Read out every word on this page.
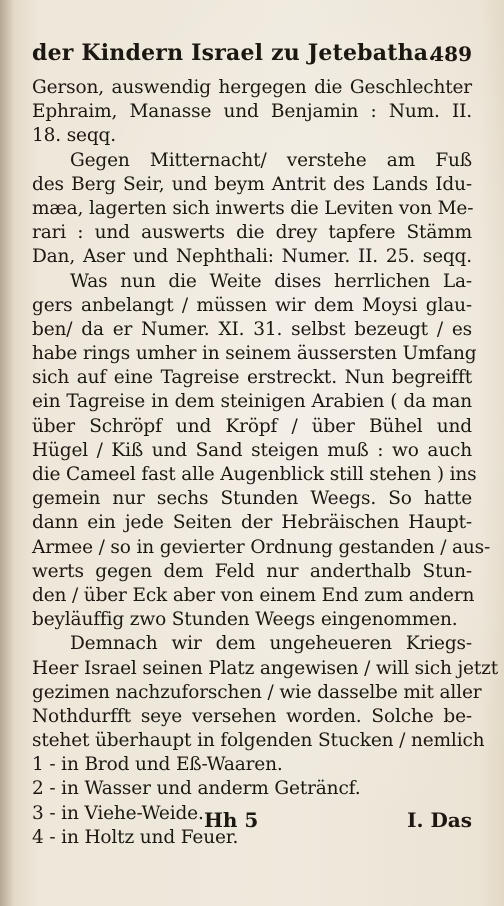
der Kindern Israel zu Jetebatha.
489
Gerson, auswendig hergegen die Geschlechter
Ephraim, Manasse und Benjamin : Num. II.
18. seqq.
Gegen Mitternacht/ verstehe am Fuß
des Berg Seir, und beym Antrit des Lands Idu-
mæa, lagerten sich inwerts die Leviten von Me-
rari : und auswerts die drey tapfere Stämm
Dan, Aser und Nephthali: Numer. II. 25. seqq.
Was nun die Weite dises herrlichen La-
gers anbelangt / müssen wir dem Moysi glau-
ben/ da er Numer. XI. 31. selbst bezeugt / es
habe rings umher in seinem äussersten Umfang
sich auf eine Tagreise erstreckt. Nun begreifft
ein Tagreise in dem steinigen Arabien ( da man
über Schröpf und Kröpf / über Bühel und
Hügel / Kiß und Sand steigen muß : wo auch
die Cameel fast alle Augenblick still stehen ) ins
gemein nur sechs Stunden Weegs. So hatte
dann ein jede Seiten der Hebräischen Haupt-
Armee / so in gevierter Ordnung gestanden / aus-
werts gegen dem Feld nur anderthalb Stun-
den / über Eck aber von einem End zum andern
beyläuffig zwo Stunden Weegs eingenommen.
Demnach wir dem ungeheueren Kriegs-
Heer Israel seinen Platz angewisen / will sich jetzt
gezimen nachzuforschen / wie dasselbe mit aller
Nothdurfft seye versehen worden. Solche be-
stehet überhaupt in folgenden Stucken / nemlich
1 - in Brod und Eß-Waaren.
2 - in Wasser und anderm Geträncf.
3 - in Viehe-Weide.
4 - in Holtz und Feuer.
Hh 5	I. Das
